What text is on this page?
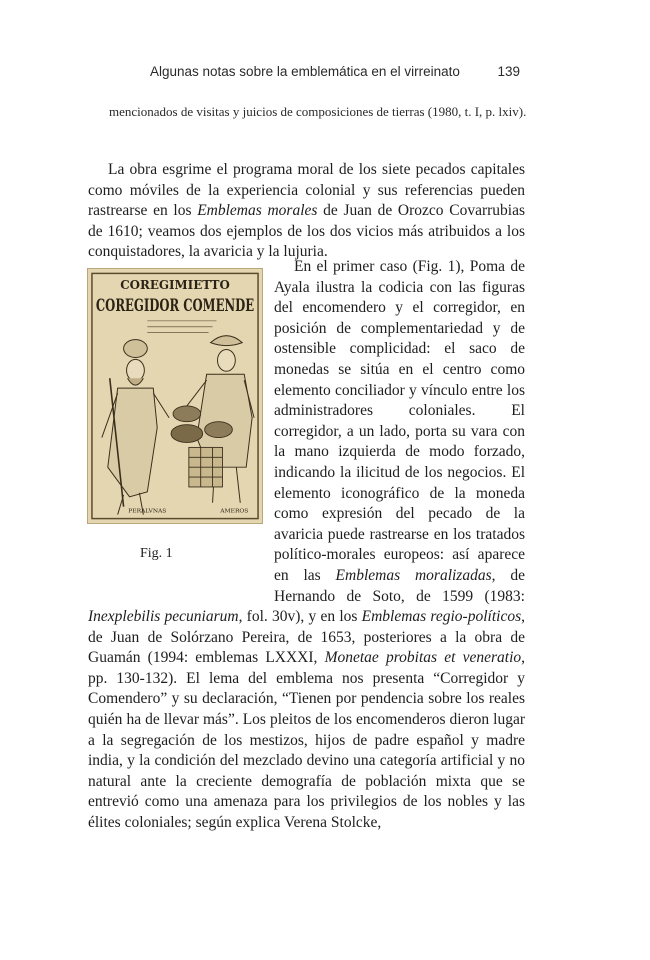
Algunas notas sobre la emblemática en el virreinato	139
mencionados de visitas y juicios de composiciones de tierras (1980, t. I, p. lxiv).

La obra esgrime el programa moral de los siete pecados capitales como móviles de la experiencia colonial y sus referencias pueden rastrearse en los Emblemas morales de Juan de Orozco Covarrubias de 1610; veamos dos ejemplos de los dos vicios más atribuidos a los conquistadores, la avaricia y la lujuria.

COREGIMIETTO
COREGIDOR COMENDE
PERALVNAS	AMEROS
Fig. 1

En el primer caso (Fig. 1), Poma de Ayala ilustra la codicia con las figuras del encomendero y el corregidor, en posición de complementariedad y de ostensible complicidad: el saco de monedas se sitúa en el centro como elemento conciliador y vínculo entre los administradores coloniales. El corregidor, a un lado, porta su vara con la mano izquierda de modo forzado, indicando la ilicitud de los negocios. El elemento iconográfico de la moneda como expresión del pecado de la avaricia puede rastrearse en los tratados político-morales europeos: así aparece en las Emblemas moralizadas, de Hernando de Soto, de 1599 (1983: Inexplebilis pecuniarum, fol. 30v), y en los Emblemas regio-políticos, de Juan de Solórzano Pereira, de 1653, posteriores a la obra de Guamán (1994: emblemas LXXXI, Monetae probitas et veneratio, pp. 130-132). El lema del emblema nos presenta “Corregidor y Comendero” y su declaración, “Tienen por pendencia sobre los reales quién ha de llevar más”. Los pleitos de los encomenderos dieron lugar a la segregación de los mestizos, hijos de padre español y madre india, y la condición del mezclado devino una categoría artificial y no natural ante la creciente demografía de población mixta que se entrevió como una amenaza para los privilegios de los nobles y las élites coloniales; según explica Verena Stolcke,
